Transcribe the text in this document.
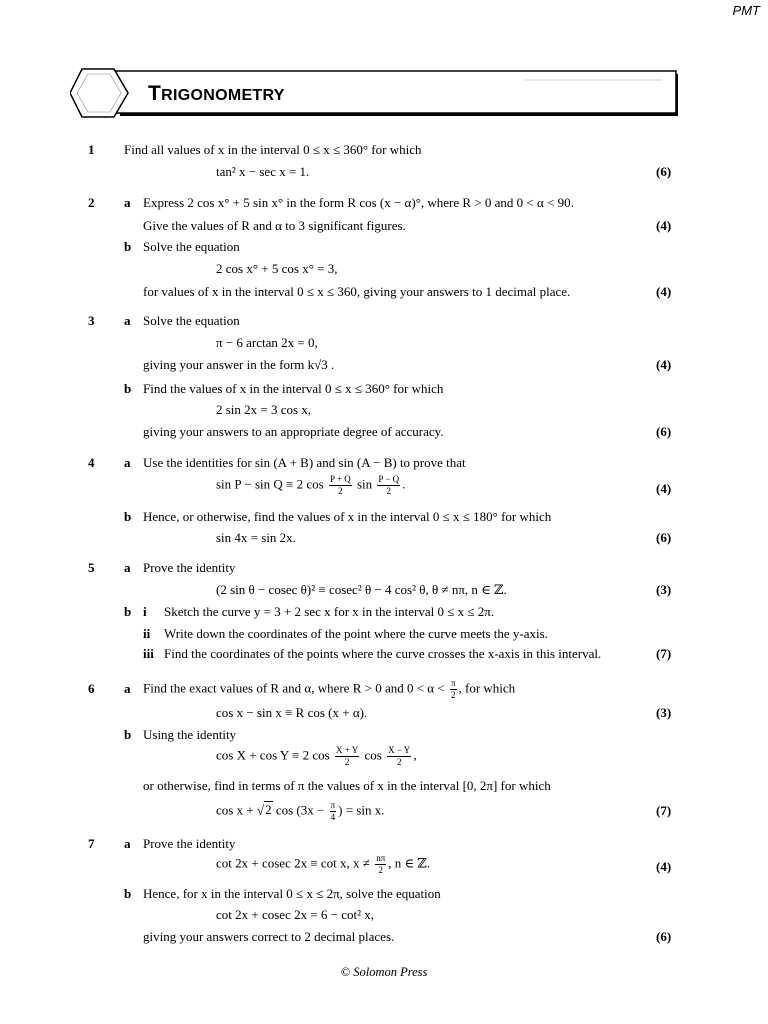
PMT
TRIGONOMETRY
1 Find all values of x in the interval 0 ≤ x ≤ 360° for which
tan² x − sec x = 1.	(6)
2 a Express 2 cos x° + 5 sin x° in the form R cos (x − α)°, where R > 0 and 0 < α < 90.
Give the values of R and α to 3 significant figures.	(4)
b Solve the equation
2 cos x° + 5 cos x° = 3,
for values of x in the interval 0 ≤ x ≤ 360, giving your answers to 1 decimal place.	(4)
3 a Solve the equation
π − 6 arctan 2x = 0,
giving your answer in the form k√3 .	(4)
b Find the values of x in the interval 0 ≤ x ≤ 360° for which
2 sin 2x = 3 cos x,
giving your answers to an appropriate degree of accuracy.	(6)
4 a Use the identities for sin (A + B) and sin (A − B) to prove that
sin P − sin Q ≡ 2 $\cos \frac{P + Q}{2}$ $\sin \frac{P - Q}{2}$ .	(4)
b Hence, or otherwise, find the values of x in the interval 0 ≤ x ≤ 180° for which
sin 4x = sin 2x.	(6)
5 a Prove the identity
(2 sin θ − cosec θ)² ≡ cosec² θ − 4 cos² θ, θ ≠ nπ, n ∈ ℤ.	(3)
b i Sketch the curve y = 3 + 2 sec x for x in the interval 0 ≤ x ≤ 2π.
ii Write down the coordinates of the point where the curve meets the y-axis.
iii Find the coordinates of the points where the curve crosses the x-axis in this interval.	(7)
6 a Find the exact values of R and α, where R > 0 and $0 < \alpha < \frac{\pi}{2}$ , for which
cos x − sin x ≡ R cos (x + α).	(3)
b Using the identity
cos X + cos Y ≡ 2 $\cos \frac{X + Y}{2}$ $\cos \frac{X - Y}{2}$ ,
or otherwise, find in terms of π the values of x in the interval [0, 2π] for which
cos x + √2 $\cos (3x - \frac{\pi}{4}$ ) = sin x.	(7)
7 a Prove the identity
cot 2x + cosec 2x ≡ cot x, $x \ne \frac{n\pi}{2}$ , n ∈ ℤ.	(4)
b Hence, for x in the interval 0 ≤ x ≤ 2π, solve the equation
cot 2x + cosec 2x = 6 − cot² x,
giving your answers correct to 2 decimal places.	(6)
© Solomon Press
